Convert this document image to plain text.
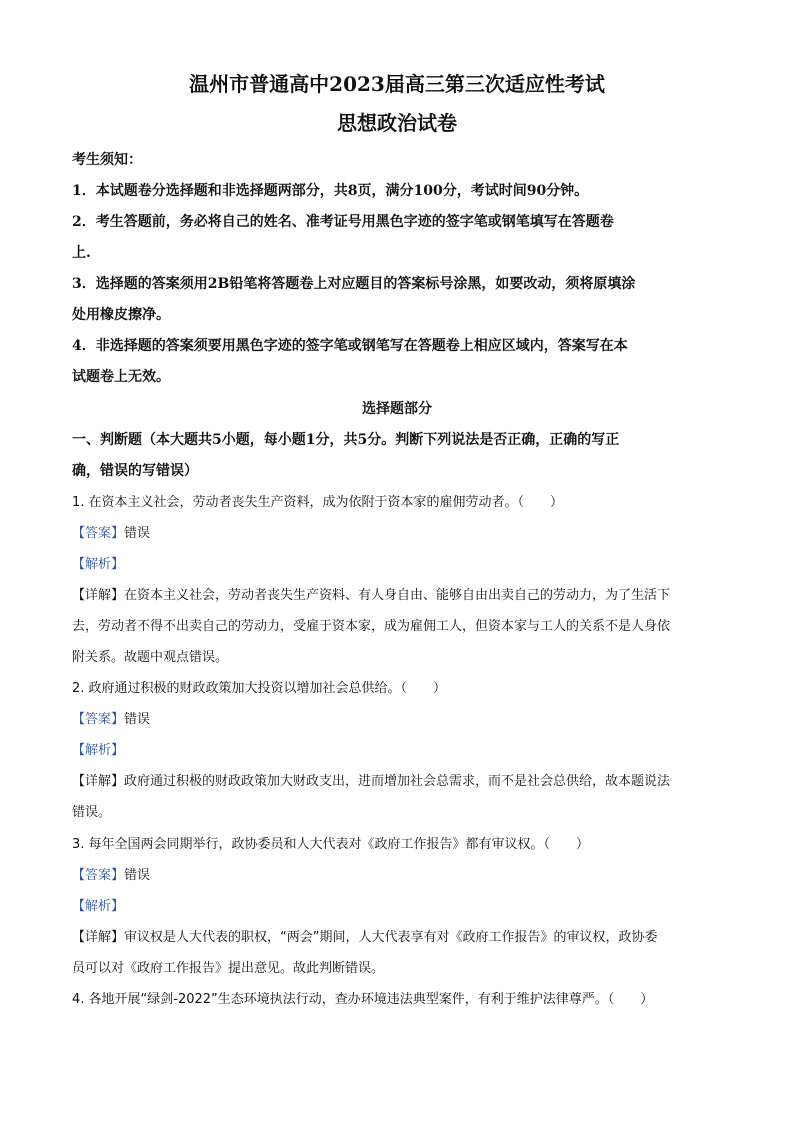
温州市普通高中2023届高三第三次适应性考试
思想政治试卷
考生须知：
1．本试题卷分选择题和非选择题两部分，共8页，满分100分，考试时间90分钟。
2．考生答题前，务必将自己的姓名、准考证号用黑色字迹的签字笔或钢笔填写在答题卷
上.
3．选择题的答案须用2B铅笔将答题卷上对应题目的答案标号涂黑，如要改动，须将原填涂
处用橡皮擦净。
4．非选择题的答案须要用黑色字迹的签字笔或钢笔写在答题卷上相应区域内，答案写在本
试题卷上无效。
选择题部分
一、判断题（本大题共5小题，每小题1分，共5分。判断下列说法是否正确，正确的写正
确，错误的写错误）
1. 在资本主义社会，劳动者丧失生产资料，成为依附于资本家的雇佣劳动者。（　　）
【答案】错误
【解析】
【详解】在资本主义社会，劳动者丧失生产资料、有人身自由、能够自由出卖自己的劳动力，为了生活下
去，劳动者不得不出卖自己的劳动力，受雇于资本家，成为雇佣工人，但资本家与工人的关系不是人身依
附关系。故题中观点错误。
2. 政府通过积极的财政政策加大投资以增加社会总供给。（　　）
【答案】错误
【解析】
【详解】政府通过积极的财政政策加大财政支出，进而增加社会总需求，而不是社会总供给，故本题说法
错误。
3. 每年全国两会同期举行，政协委员和人大代表对《政府工作报告》都有审议权。（　　）
【答案】错误
【解析】
【详解】审议权是人大代表的职权，“两会”期间，人大代表享有对《政府工作报告》的审议权，政协委
员可以对《政府工作报告》提出意见。故此判断错误。
4. 各地开展“绿剑-2022”生态环境执法行动，查办环境违法典型案件，有利于维护法律尊严。（　　）
